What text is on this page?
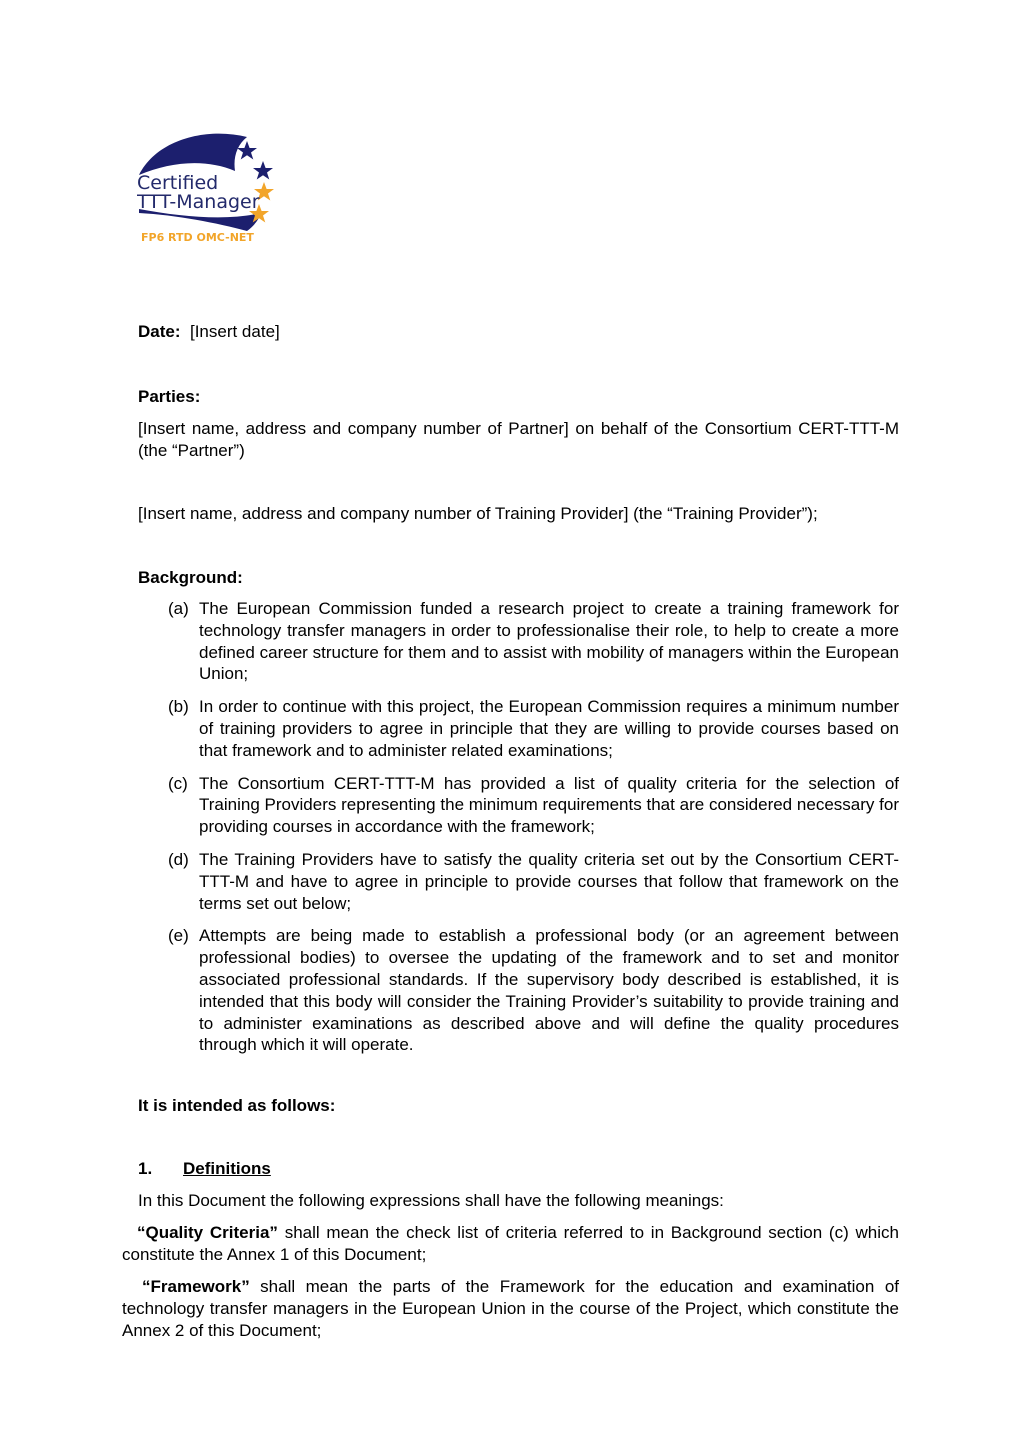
Certified
TTT-Manager
FP6 RTD OMC-NET
Date: [Insert date]
Parties:
[Insert name, address and company number of Partner] on behalf of the Consortium CERT-TTT-M (the “Partner”)
[Insert name, address and company number of Training Provider] (the “Training Provider”);
Background:
(a) The European Commission funded a research project to create a training framework for technology transfer managers in order to professionalise their role, to help to create a more defined career structure for them and to assist with mobility of managers within the European Union;
(b) In order to continue with this project, the European Commission requires a minimum number of training providers to agree in principle that they are willing to provide courses based on that framework and to administer related examinations;
(c) The Consortium CERT-TTT-M has provided a list of quality criteria for the selection of Training Providers representing the minimum requirements that are considered necessary for providing courses in accordance with the framework;
(d) The Training Providers have to satisfy the quality criteria set out by the Consortium CERT-TTT-M and have to agree in principle to provide courses that follow that framework on the terms set out below;
(e) Attempts are being made to establish a professional body (or an agreement between professional bodies) to oversee the updating of the framework and to set and monitor associated professional standards. If the supervisory body described is established, it is intended that this body will consider the Training Provider’s suitability to provide training and to administer examinations as described above and will define the quality procedures through which it will operate.
It is intended as follows:
1. Definitions
In this Document the following expressions shall have the following meanings:
“Quality Criteria” shall mean the check list of criteria referred to in Background section (c) which constitute the Annex 1 of this Document;
“Framework” shall mean the parts of the Framework for the education and examination of technology transfer managers in the European Union in the course of the Project, which constitute the Annex 2 of this Document;
